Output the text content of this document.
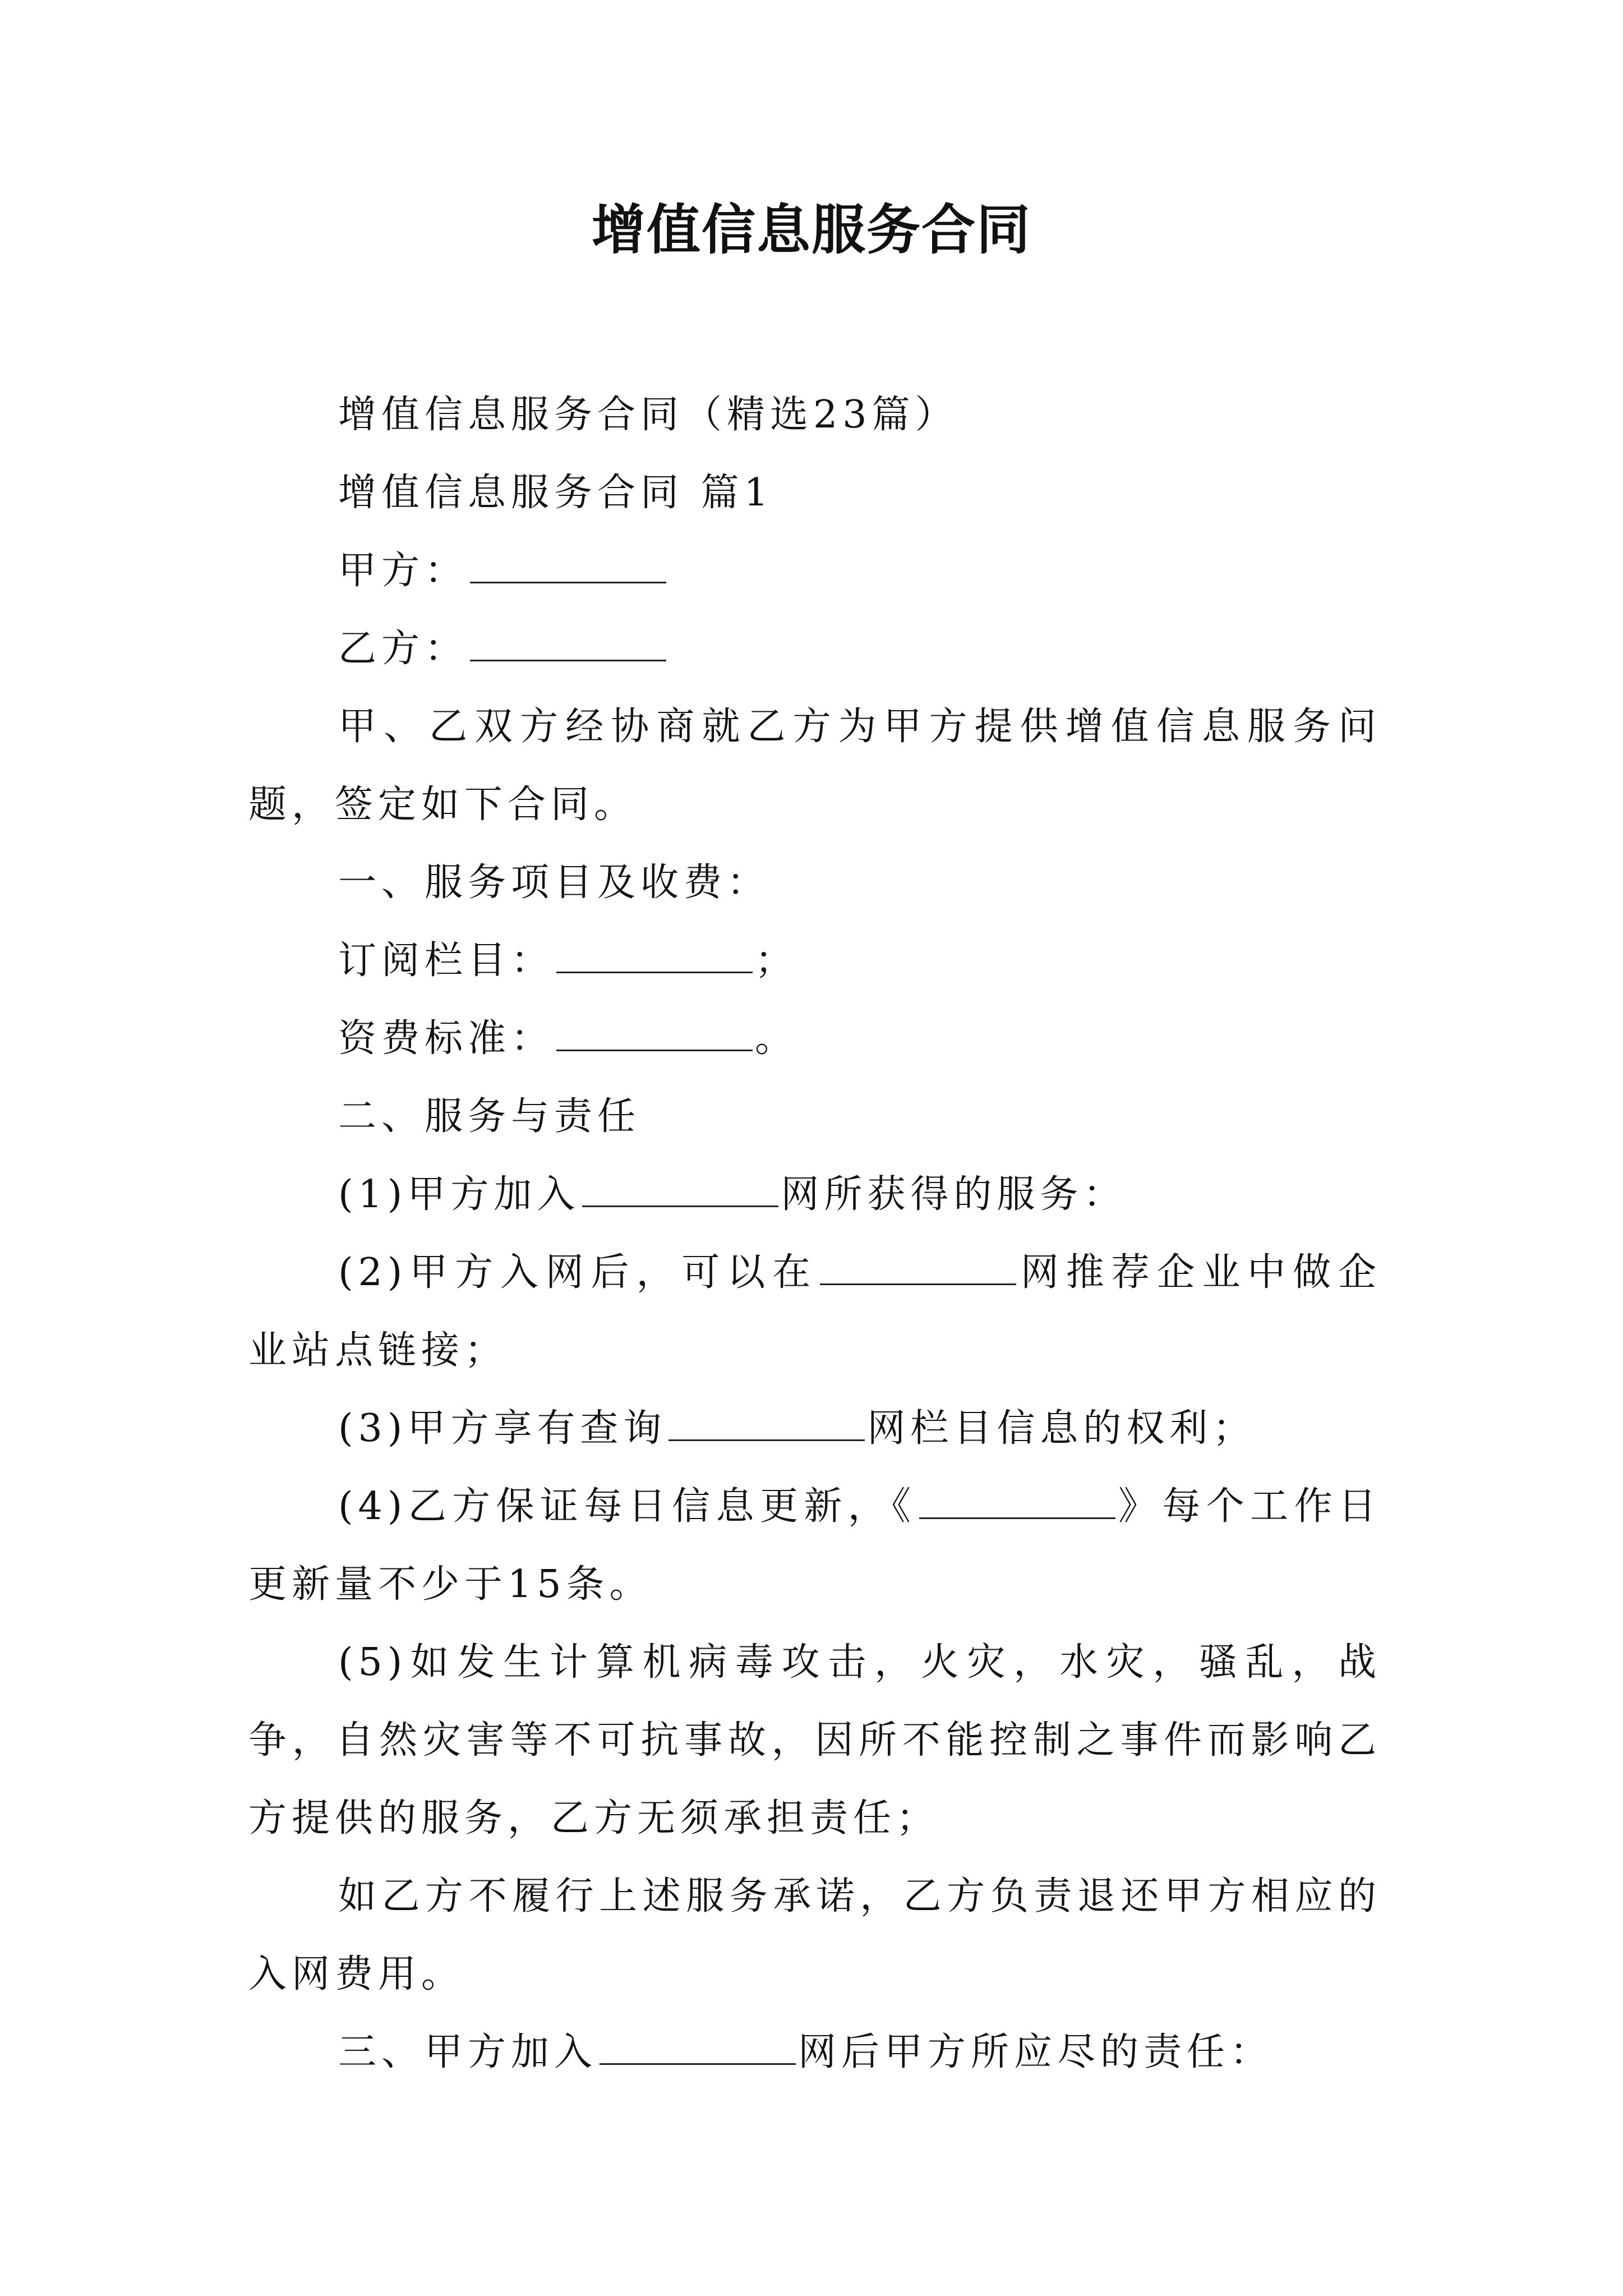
增值信息服务合同

增值信息服务合同（精选23篇）

增值信息服务合同 篇1

甲方：

乙方：

甲、乙双方经协商就乙方为甲方提供增值信息服务问题，签定如下合同。

一、服务项目及收费：

订阅栏目：	；

资费标准：	。

二、服务与责任

(1)甲方加入	网所获得的服务：

(2)甲方入网后，可以在	网推荐企业中做企业站点链接；

(3)甲方享有查询	网栏目信息的权利；

(4)乙方保证每日信息更新，《	》每个工作日更新量不少于15条。

(5)如发生计算机病毒攻击，火灾，水灾，骚乱，战争，自然灾害等不可抗事故，因所不能控制之事件而影响乙方提供的服务，乙方无须承担责任；

如乙方不履行上述服务承诺，乙方负责退还甲方相应的入网费用。

三、甲方加入	网后甲方所应尽的责任：
